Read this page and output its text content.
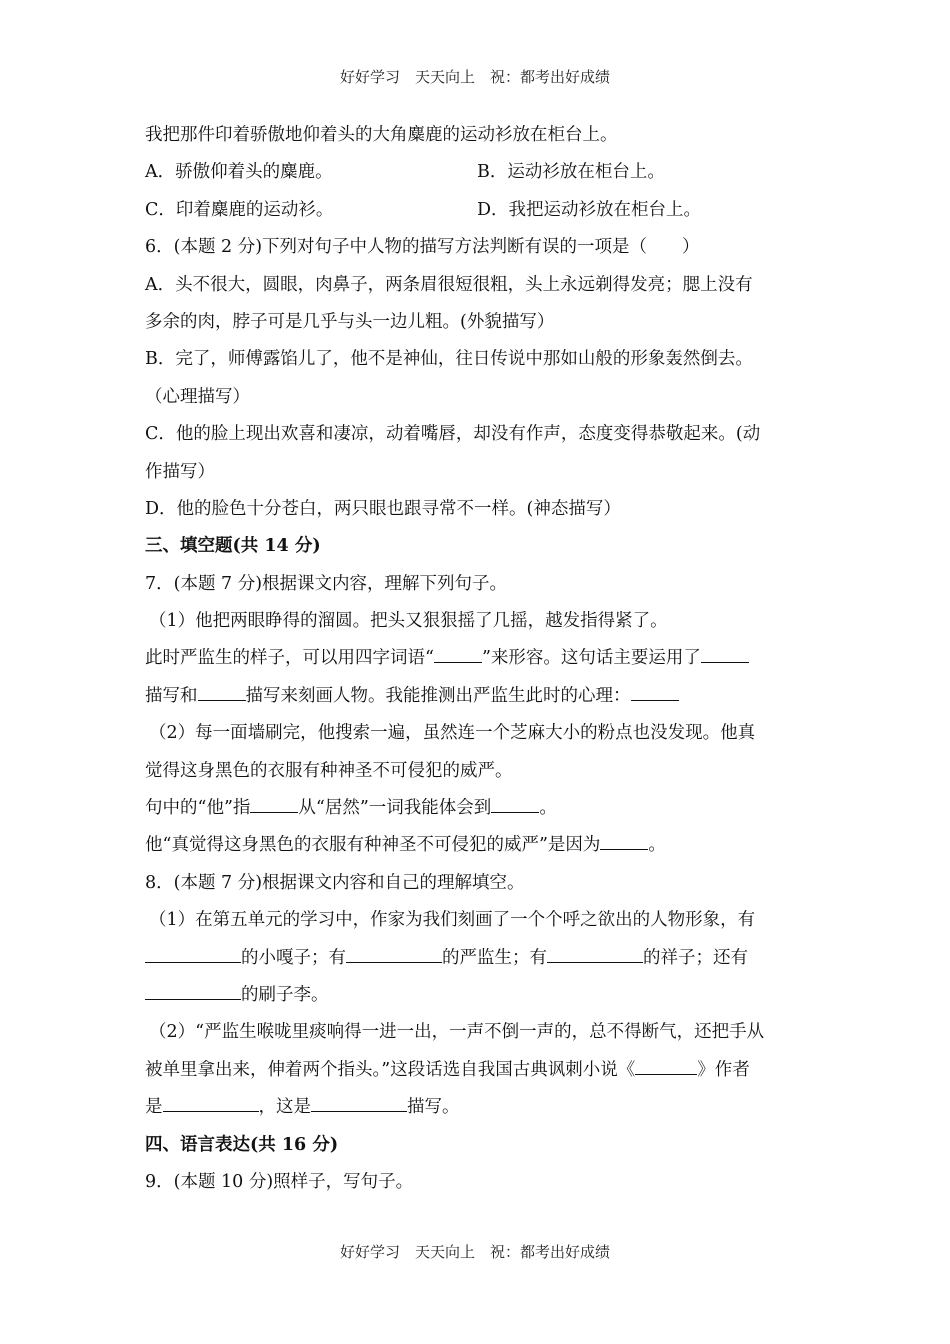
好好学习　天天向上　祝：都考出好成绩
我把那件印着骄傲地仰着头的大角麋鹿的运动衫放在柜台上。
A．骄傲仰着头的麋鹿。	B．运动衫放在柜台上。
C．印着麋鹿的运动衫。	D．我把运动衫放在柜台上。
6．(本题 2 分)下列对句子中人物的描写方法判断有误的一项是（　　）
A．头不很大，圆眼，肉鼻子，两条眉很短很粗，头上永远剃得发亮；腮上没有
多余的肉，脖子可是几乎与头一边儿粗。(外貌描写）
B．完了，师傅露馅儿了，他不是神仙，往日传说中那如山般的形象轰然倒去。
（心理描写）
C．他的脸上现出欢喜和凄凉，动着嘴唇，却没有作声，态度变得恭敬起来。(动
作描写）
D．他的脸色十分苍白，两只眼也跟寻常不一样。(神态描写）
三、填空题(共 14 分)
7．(本题 7 分)根据课文内容，理解下列句子。
（1）他把两眼睁得的溜圆。把头又狠狠摇了几摇，越发指得紧了。
此时严监生的样子，可以用四字词语“	”来形容。这句话主要运用了
描写和	描写来刻画人物。我能推测出严监生此时的心理：
（2）每一面墙刷完，他搜索一遍，虽然连一个芝麻大小的粉点也没发现。他真
觉得这身黑色的衣服有种神圣不可侵犯的威严。
句中的“他”指	从“居然”一词我能体会到	。
他“真觉得这身黑色的衣服有种神圣不可侵犯的威严”是因为	。
8．(本题 7 分)根据课文内容和自己的理解填空。
（1）在第五单元的学习中，作家为我们刻画了一个个呼之欲出的人物形象，有
的小嘎子；有	的严监生；有	的祥子；还有
的刷子李。
（2）“严监生喉咙里痰响得一进一出，一声不倒一声的，总不得断气，还把手从
被单里拿出来，伸着两个指头。”这段话选自我国古典讽刺小说《	》作者
是	，这是	描写。
四、语言表达(共 16 分)
9．(本题 10 分)照样子，写句子。
好好学习　天天向上　祝：都考出好成绩
